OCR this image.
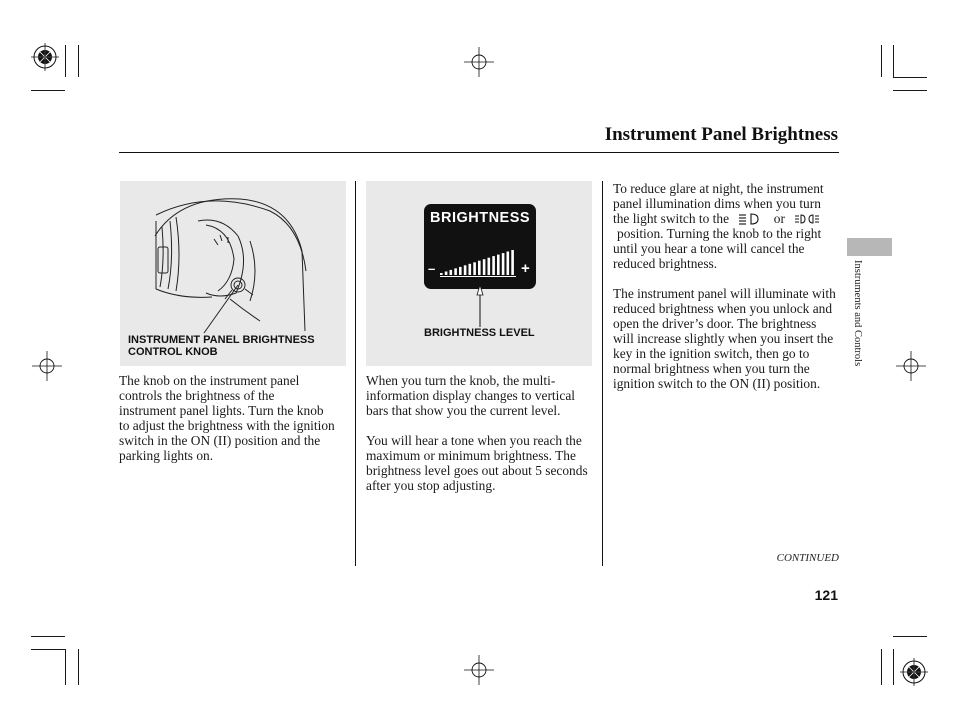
Instrument Panel Brightness
Instruments and Controls
INSTRUMENT PANEL BRIGHTNESS
CONTROL KNOB
BRIGHTNESS
–	+
BRIGHTNESS LEVEL

The knob on the instrument panel controls the brightness of the instrument panel lights. Turn the knob to adjust the brightness with the ignition switch in the ON (II) position and the parking lights on.

When you turn the knob, the multi-information display changes to vertical bars that show you the current level.

You will hear a tone when you reach the maximum or minimum brightness. The brightness level goes out about 5 seconds after you stop adjusting.

To reduce glare at night, the instrument panel illumination dims when you turn the light switch to the	or  position. Turning the knob to the right until you hear a tone will cancel the reduced brightness.

The instrument panel will illuminate with reduced brightness when you unlock and open the driver’s door. The brightness will increase slightly when you insert the key in the ignition switch, then go to normal brightness when you turn the ignition switch to the ON (II) position.

CONTINUED
121
